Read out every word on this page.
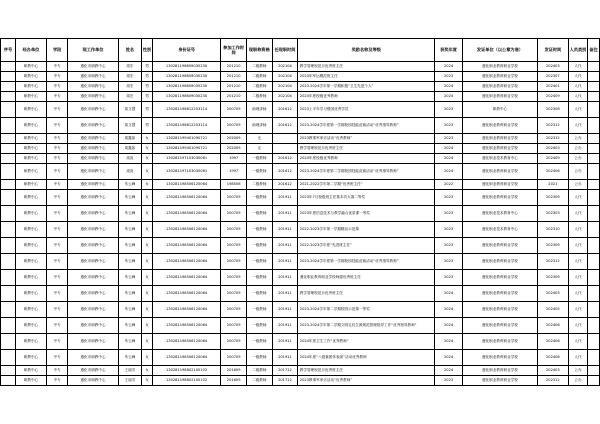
序号	经办单位	学段	现工作单位	姓名	性别	身份证号	参加工作时间	现职称资格	任现职时间	奖励名称及等级	获奖年度	发证单位（以公章为准）	发证时间	人员类别	备注
	职教中心	中专	遵化市职教中心	周宏	男	13028119860903023X	201210	二级教师	202104	教学管理规范月优秀班主任	2024	遵化职业教育职业学校	202403	人代	
	职教中心	中专	遵化市职教中心	周宏	男	13028119860903023X	201210	二级教师	202104	2023年军运模范班主任	2023	遵化职业教育职业学校	202307	人代	
	职教中心	中专	遵化市职教中心	周宏	男	13028119860903023X	201210	二级教师	202104	2023-2024学年第一学期积极“卫生先进个人”	2024	遵化职业教育职业学校	202401	人代	
	职教中心	中专	遵化市职教中心	周宏	男	13028119860903023X	201210	二级教师	202104	2024年度校级优秀教师	2024	遵化职业教育职业学校	202409	人代	
	职教中心	中专	遵化市职教中心	周文慧	男	130281198612253114	200709	助理讲师	201612	2023上半年学习强国优秀学员	2023	职教中心	202308	人代	
	职教中心	中专	遵化市职教中心	周文慧	男	130281198612253114	200709	助理讲师	201612	2023-2024学年度第一学期校园技能竞赛活动“优秀指导教师”	2023	遵化职业教育职业学校	202312	人代	
	职教中心	中专	遵化市职教中心	周鑫如	女	130281199401090721	202009	无		2023教事军家访活动“优秀教师”	2023	遵化职业教育职业学校	202312	公办	
	职教中心	中专	遵化市职教中心	周鑫如	女	130281199401090721	202009	无		教学管理规范月优秀班主任	2024	遵化职业教育职业学校	202403	公办	
	职教中心	中专	遵化市职教中心	周炎	女	130281197103030061	1997	一级教师	201612	2024年度校级优秀教师	2024	遵化职业技术教育中心	202409	公办	
	职教中心	中专	遵化市职教中心	周炎	女	130281197103030061	1997	一级教师	201612	2023-2024学年度第二学期校园技能竞赛活动“优秀指导教师”	2024	遵化职业教育职业学校	202406	公办	
	职教中心	中专	遵化市职教中心	朱云峰	女	130281198506120064	198506	二级教师	201612	2021-2022学年第二学期“优秀班主任”	2022	遵化职业教育职业学校	2021	公办	
	职教中心	中专	遵化市职教中心	朱云峰	女	130281198506120064	200709	一级教师	201911	2023年7月校级班主任基本功大赛二等奖	2023	遵化职业教育职业学校	202309	人代	
	职教中心	中专	遵化市职教中心	朱云峰	女	130281198506120064	200709	一级教师	201911	2023年度信息技术与教学融合优质课一等奖	2023	遵化职业技术教育中心	202303	人代	
	职教中心	中专	遵化市职教中心	朱云峰	女	130281198506120064	200709	一级教师	201911	2022-2023学年第一学期精品示范课	2023	遵化职业技术教育中心	202310	人代	
	职教中心	中专	遵化市职教中心	朱云峰	女	130281198506120064	200709	一级教师	201911	2022-2023学年度“先进班主任”	2023	遵化职业教育职业学校	202309	人代	
	职教中心	中专	遵化市职教中心	朱云峰	女	130281198506120064	200709	一级教师	201911	2023-2024学年度第一学期校园技能竞赛活动“优秀指导教师”	2023	遵化职业教育职业学校	202312	人代	
	职教中心	中专	遵化市职教中心	朱云峰	女	130281198506120064	200709	一级教师	201911	遵化职业教育职业学校师德优秀班主任	2023	遵化职业教育职业学校	202309	人代	
	职教中心	中专	遵化市职教中心	朱云峰	女	130281198506120064	200709	一级教师	201911	教学管理规范月优秀班主任	2024	遵化职业教育职业学校	202403	人代	
	职教中心	中专	遵化市职教中心	朱云峰	女	130281198506120064	200709	一级教师	201911	2023-2024学年第二学期校园示范课一等奖	2024	遵化职业教育职业学校	202405	人代	
	职教中心	中专	遵化市职教中心	朱云峰	女	130281198506120064	200709	一级教师	201911	2023-2024学年第二学期文明礼仪生源规范管理指导工作“优秀指导教师”	2024	遵化职业教育职业学校	202406	人代	
	职教中心	中专	遵化市职教中心	朱云峰	女	130281198506120064	200709	一级教师	201911	2024年度卫生工作“优秀教师”	2024	遵化职业教育职业学校	202406	人代	
	职教中心	中专	遵化市职教中心	朱云峰	女	130281198506120064	200709	一级教师	201911	2024年度“八级赛团体表演”活动优秀教师	2024	遵化职业教育职业学校	202408	人代	
	职教中心	中专	遵化市职教中心	王丽芳	女	130281198802100102	201609	二级教师	201712	教学管理规范月优秀班主任	2024	遵化职业教育职业学校	202403	公办	
	职教中心	中专	遵化市职教中心	王丽芳	女	130281198802100102	201609	二级教师	201712	2023教事军家访活动“优秀教师”	2023	遵化职业教育职业学校	202312	公办	
